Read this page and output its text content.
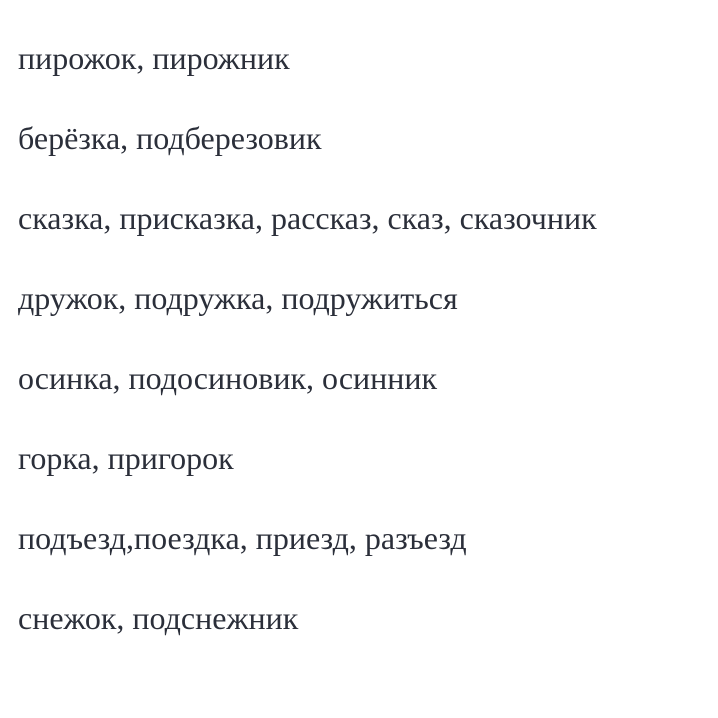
пирожок, пирожник

берёзка, подберезовик

сказка, присказка, рассказ, сказ, сказочник

дружок, подружка, подружиться

осинка, подосиновик, осинник

горка, пригорок

подъезд,поездка, приезд, разъезд

снежок, подснежник
